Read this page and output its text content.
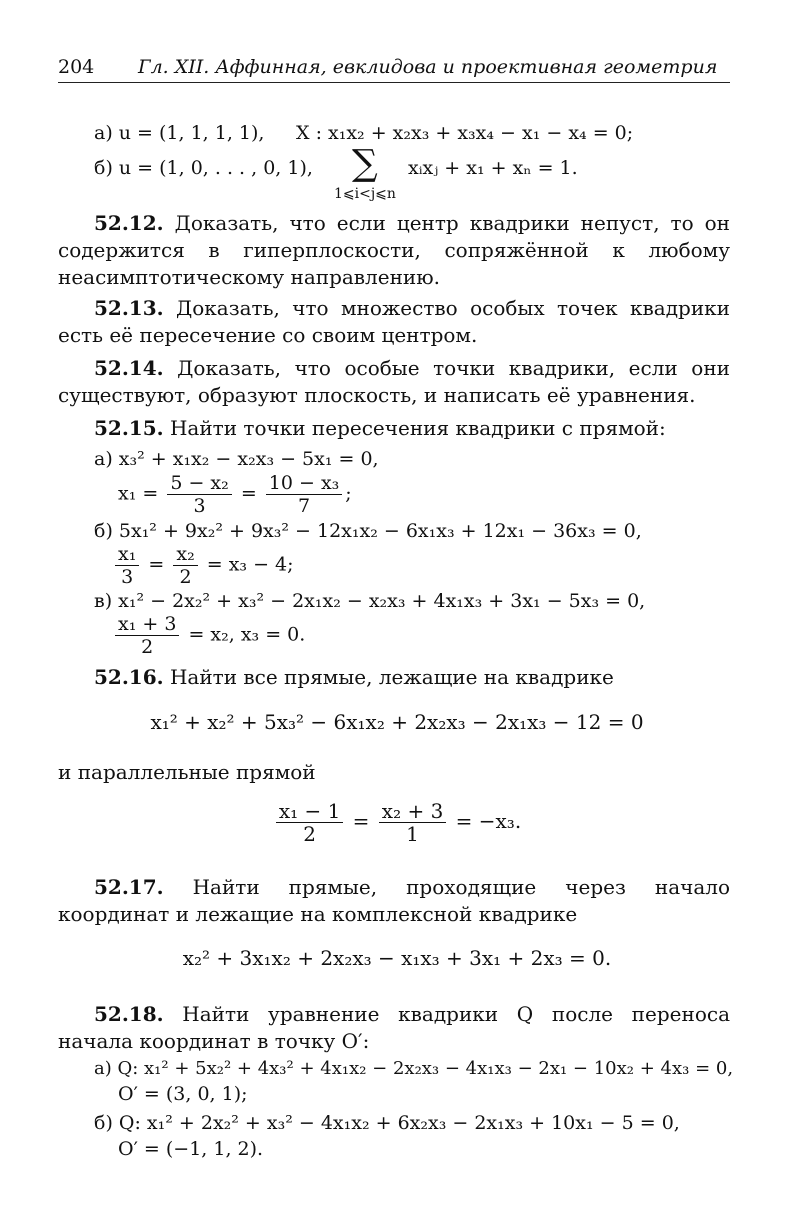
204 Гл. XII. Аффинная, евклидова и проективная геометрия
а) u = (1, 1, 1, 1), X : x₁x₂ + x₂x₃ + x₃x₄ − x₁ − x₄ = 0;
б) u = (1, 0, . . . , 0, 1), ∑
1⩽i<j⩽n
xᵢxⱼ + x₁ + xₙ = 1.
52.12. Доказать, что если центр квадрики непуст, то он содержится в гиперплоскости, сопряжённой к любому неасимптотическому направлению.
52.13. Доказать, что множество особых точек квадрики есть её пересечение со своим центром.
52.14. Доказать, что особые точки квадрики, если они существуют, образуют плоскость, и написать её уравнения.
52.15. Найти точки пересечения квадрики с прямой:
а) x₃² + x₁x₂ − x₂x₃ − 5x₁ = 0,
$x_1 = \frac{\text{5 − x₂}}{3} = \frac{\text{10 − x₃}}{7}$ ;
б) 5x₁² + 9x₂² + 9x₃² − 12x₁x₂ − 6x₁x₃ + 12x₁ − 36x₃ = 0,
$\frac{\text{x₁}}{3} = \frac{\text{x₂}}{2} = x_3 - 4$;
в) x₁² − 2x₂² + x₃² − 2x₁x₂ − x₂x₃ + 4x₁x₃ + 3x₁ − 5x₃ = 0,
$\frac{\text{x₁ + 3}}{2} = x_2$, x₃ = 0.
52.16. Найти все прямые, лежащие на квадрике
x₁² + x₂² + 5x₃² − 6x₁x₂ + 2x₂x₃ − 2x₁x₃ − 12 = 0
и параллельные прямой
$\frac{\text{x₁ − 1}}{2} = \frac{\text{x₂ + 3}}{1} = -x_3$.
52.17. Найти прямые, проходящие через начало координат и лежащие на комплексной квадрике
x₂² + 3x₁x₂ + 2x₂x₃ − x₁x₃ + 3x₁ + 2x₃ = 0.
52.18. Найти уравнение квадрики Q после переноса начала координат в точку O′:
а) Q: x₁² + 5x₂² + 4x₃² + 4x₁x₂ − 2x₂x₃ − 4x₁x₃ − 2x₁ − 10x₂ + 4x₃ = 0,
O′ = (3, 0, 1);
б) Q: x₁² + 2x₂² + x₃² − 4x₁x₂ + 6x₂x₃ − 2x₁x₃ + 10x₁ − 5 = 0,
O′ = (−1, 1, 2).
